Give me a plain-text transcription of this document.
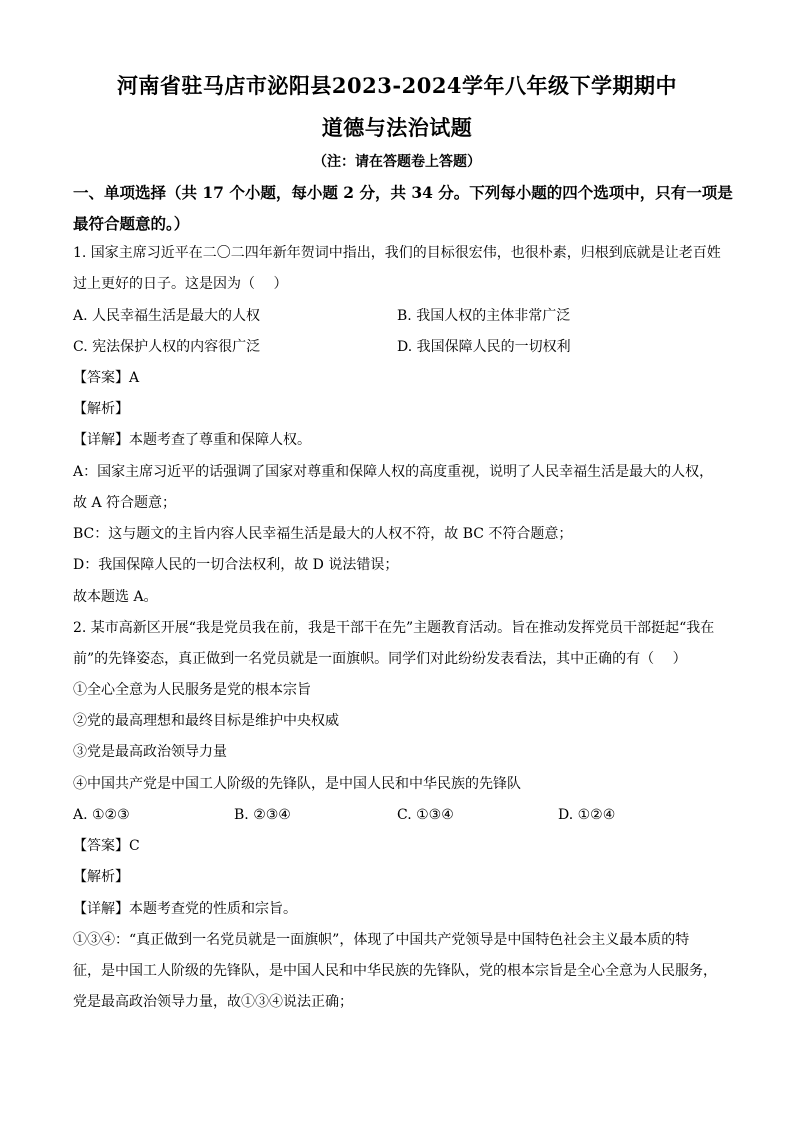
河南省驻马店市泌阳县2023-2024学年八年级下学期期中
道德与法治试题
（注：请在答题卷上答题）
一、单项选择（共 17 个小题，每小题 2 分，共 34 分。下列每小题的四个选项中，只有一项是最符合题意的。）
1. 国家主席习近平在二〇二四年新年贺词中指出，我们的目标很宏伟，也很朴素，归根到底就是让老百姓
过上更好的日子。这是因为（　 ）
A. 人民幸福生活是最大的人权	B. 我国人权的主体非常广泛
C. 宪法保护人权的内容很广泛	D. 我国保障人民的一切权利
【答案】A
【解析】
【详解】本题考查了尊重和保障人权。
A：国家主席习近平的话强调了国家对尊重和保障人权的高度重视，说明了人民幸福生活是最大的人权，
故 A 符合题意；
BC：这与题文的主旨内容人民幸福生活是最大的人权不符，故 BC 不符合题意；
D：我国保障人民的一切合法权利，故 D 说法错误；
故本题选 A。
2. 某市高新区开展“我是党员我在前，我是干部干在先”主题教育活动。旨在推动发挥党员干部挺起“我在
前”的先锋姿态，真正做到一名党员就是一面旗帜。同学们对此纷纷发表看法，其中正确的有（　 ）
①全心全意为人民服务是党的根本宗旨
②党的最高理想和最终目标是维护中央权威
③党是最高政治领导力量
④中国共产党是中国工人阶级的先锋队，是中国人民和中华民族的先锋队
A. ①②③	B. ②③④	C. ①③④	D. ①②④
【答案】C
【解析】
【详解】本题考查党的性质和宗旨。
①③④：“真正做到一名党员就是一面旗帜”，体现了中国共产党领导是中国特色社会主义最本质的特
征，是中国工人阶级的先锋队，是中国人民和中华民族的先锋队，党的根本宗旨是全心全意为人民服务，
党是最高政治领导力量，故①③④说法正确；
